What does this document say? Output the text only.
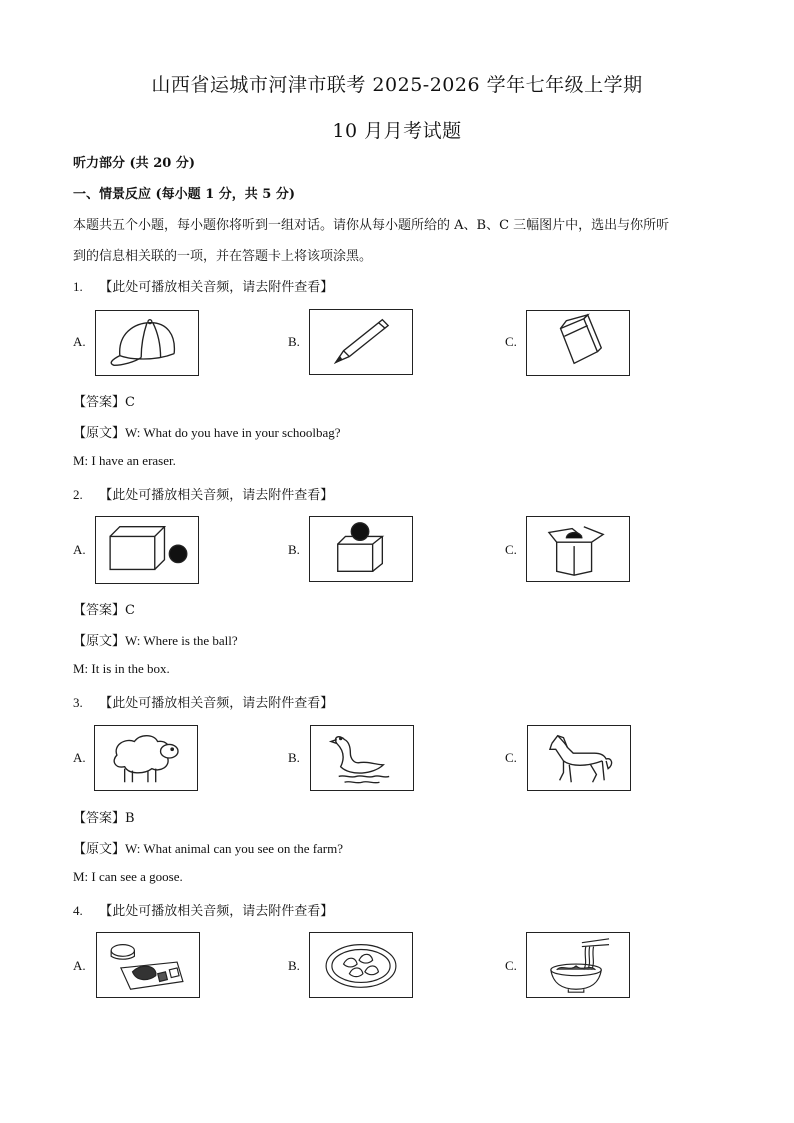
山西省运城市河津市联考 2025-2026 学年七年级上学期
10 月月考试题
听力部分 (共 20 分)
一、情景反应 (每小题 1 分，共 5 分)
本题共五个小题，每小题你将听到一组对话。请你从每小题所给的 A、B、C 三幅图片中，选出与你所听
到的信息相关联的一项，并在答题卡上将该项涂黑。
1. 【此处可播放相关音频，请去附件查看】
A.	B.	C.
【答案】C
【原文】W: What do you have in your schoolbag?
M: I have an eraser.
2. 【此处可播放相关音频，请去附件查看】
A.	B.	C.
【答案】C
【原文】W: Where is the ball?
M: It is in the box.
3. 【此处可播放相关音频，请去附件查看】
A.	B.	C.
【答案】B
【原文】W: What animal can you see on the farm?
M: I can see a goose.
4. 【此处可播放相关音频，请去附件查看】
A.	B.	C.
